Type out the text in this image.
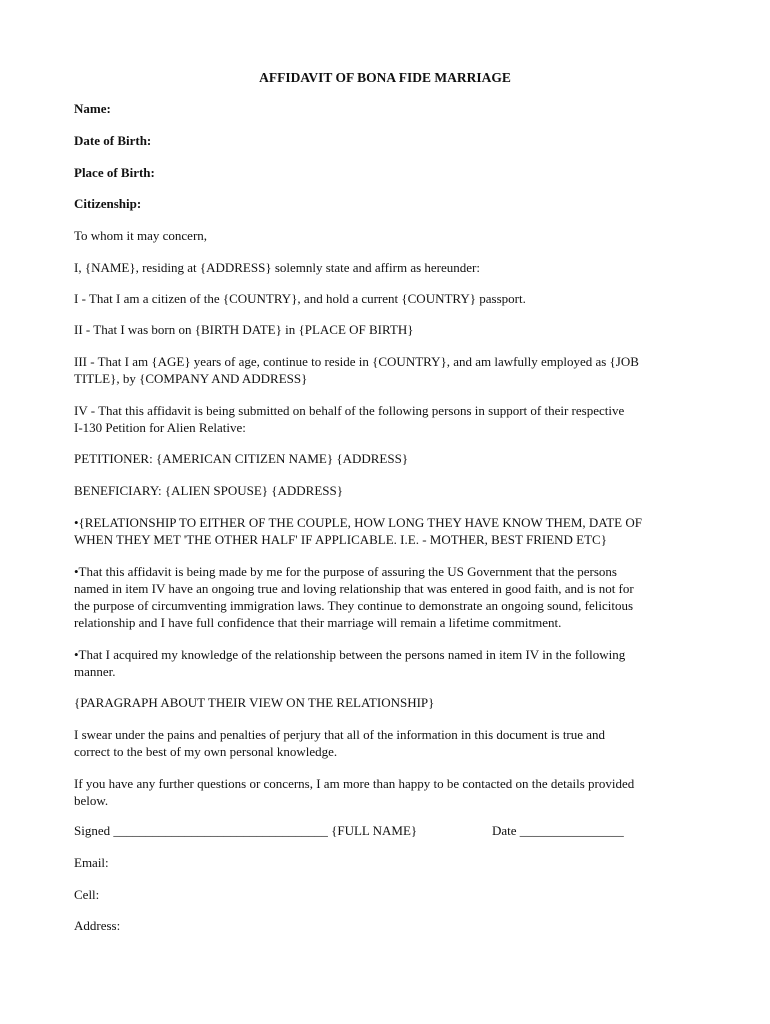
AFFIDAVIT OF BONA FIDE MARRIAGE
Name:
Date of Birth:
Place of Birth:
Citizenship:
To whom it may concern,
I, {NAME}, residing at {ADDRESS} solemnly state and affirm as hereunder:
I - That I am a citizen of the {COUNTRY}, and hold a current {COUNTRY} passport.
II - That I was born on {BIRTH DATE} in {PLACE OF BIRTH}
III - That I am {AGE} years of age, continue to reside in {COUNTRY}, and am lawfully employed as {JOB
TITLE}, by {COMPANY AND ADDRESS}
IV - That this affidavit is being submitted on behalf of the following persons in support of their respective
I-130 Petition for Alien Relative:
PETITIONER: {AMERICAN CITIZEN NAME} {ADDRESS}
BENEFICIARY: {ALIEN SPOUSE} {ADDRESS}
•{RELATIONSHIP TO EITHER OF THE COUPLE, HOW LONG THEY HAVE KNOW THEM, DATE OF
WHEN THEY MET 'THE OTHER HALF' IF APPLICABLE. I.E. - MOTHER, BEST FRIEND ETC}
•That this affidavit is being made by me for the purpose of assuring the US Government that the persons
named in item IV have an ongoing true and loving relationship that was entered in good faith, and is not for
the purpose of circumventing immigration laws. They continue to demonstrate an ongoing sound, felicitous
relationship and I have full confidence that their marriage will remain a lifetime commitment.
•That I acquired my knowledge of the relationship between the persons named in item IV in the following
manner.
{PARAGRAPH ABOUT THEIR VIEW ON THE RELATIONSHIP}
I swear under the pains and penalties of perjury that all of the information in this document is true and
correct to the best of my own personal knowledge.
If you have any further questions or concerns, I am more than happy to be contacted on the details provided
below.
Signed _________________________________ {FULL NAME}	Date ________________
Email:
Cell:
Address:
